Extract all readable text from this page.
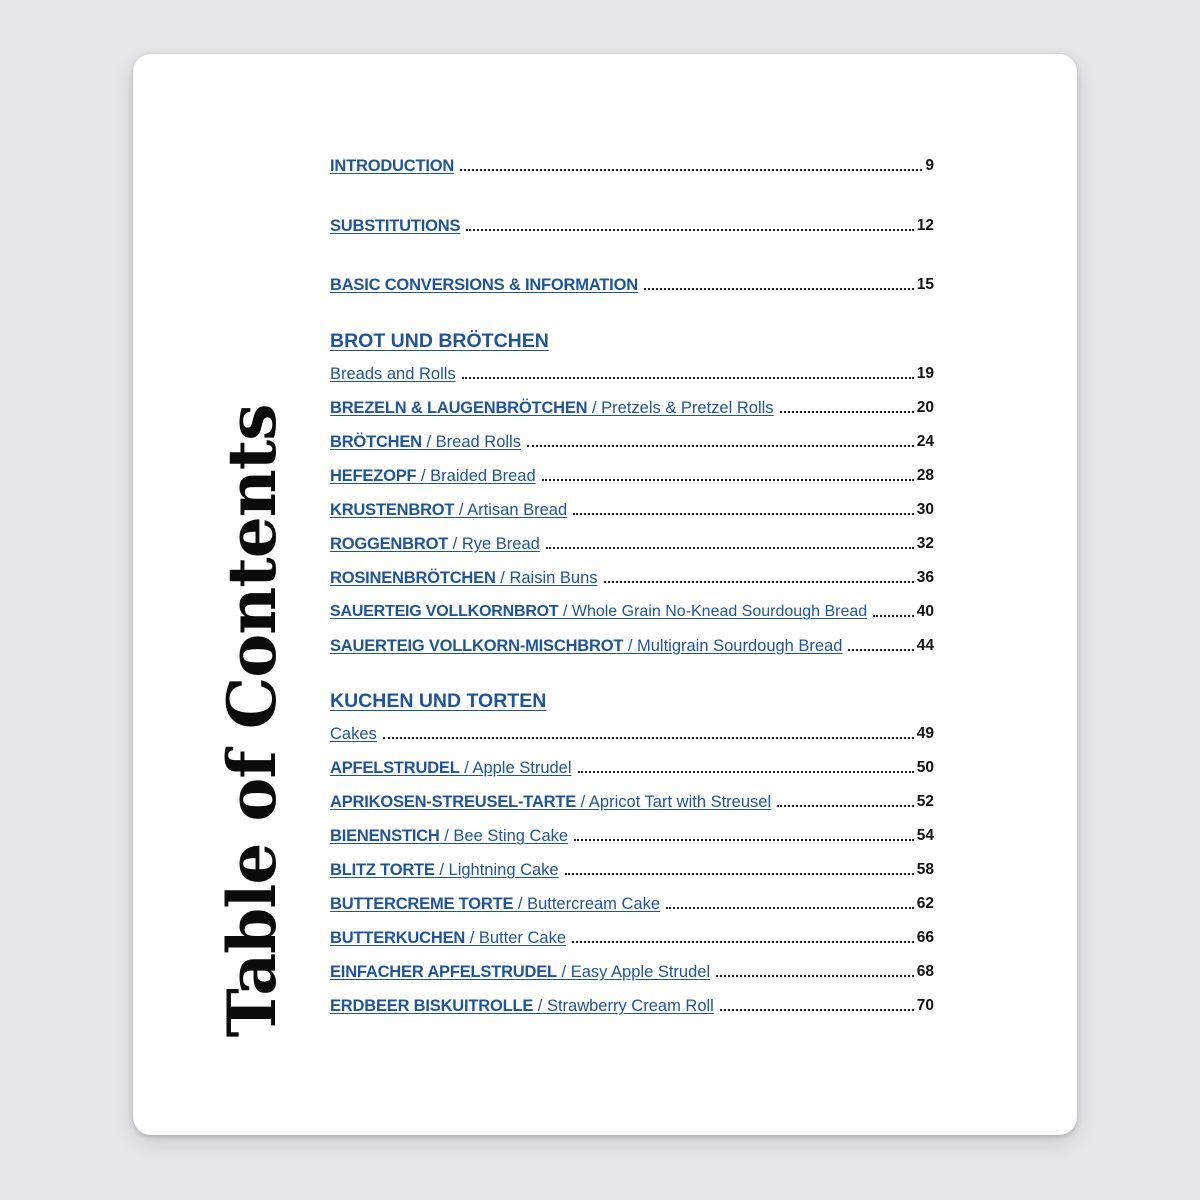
Table of Contents
INTRODUCTION	9
SUBSTITUTIONS	12
BASIC CONVERSIONS & INFORMATION	15
BROT UND BRÖTCHEN
Breads and Rolls	19
BREZELN & LAUGENBRÖTCHEN / Pretzels & Pretzel Rolls	20
BRÖTCHEN / Bread Rolls	24
HEFEZOPF / Braided Bread	28
KRUSTENBROT / Artisan Bread	30
ROGGENBROT / Rye Bread	32
ROSINENBRÖTCHEN / Raisin Buns	36
SAUERTEIG VOLLKORNBROT / Whole Grain No-Knead Sourdough Bread	40
SAUERTEIG VOLLKORN-MISCHBROT / Multigrain Sourdough Bread	44
KUCHEN UND TORTEN
Cakes	49
APFELSTRUDEL / Apple Strudel	50
APRIKOSEN-STREUSEL-TARTE / Apricot Tart with Streusel	52
BIENENSTICH / Bee Sting Cake	54
BLITZ TORTE / Lightning Cake	58
BUTTERCREME TORTE / Buttercream Cake	62
BUTTERKUCHEN / Butter Cake	66
EINFACHER APFELSTRUDEL / Easy Apple Strudel	68
ERDBEER BISKUITROLLE / Strawberry Cream Roll	70
